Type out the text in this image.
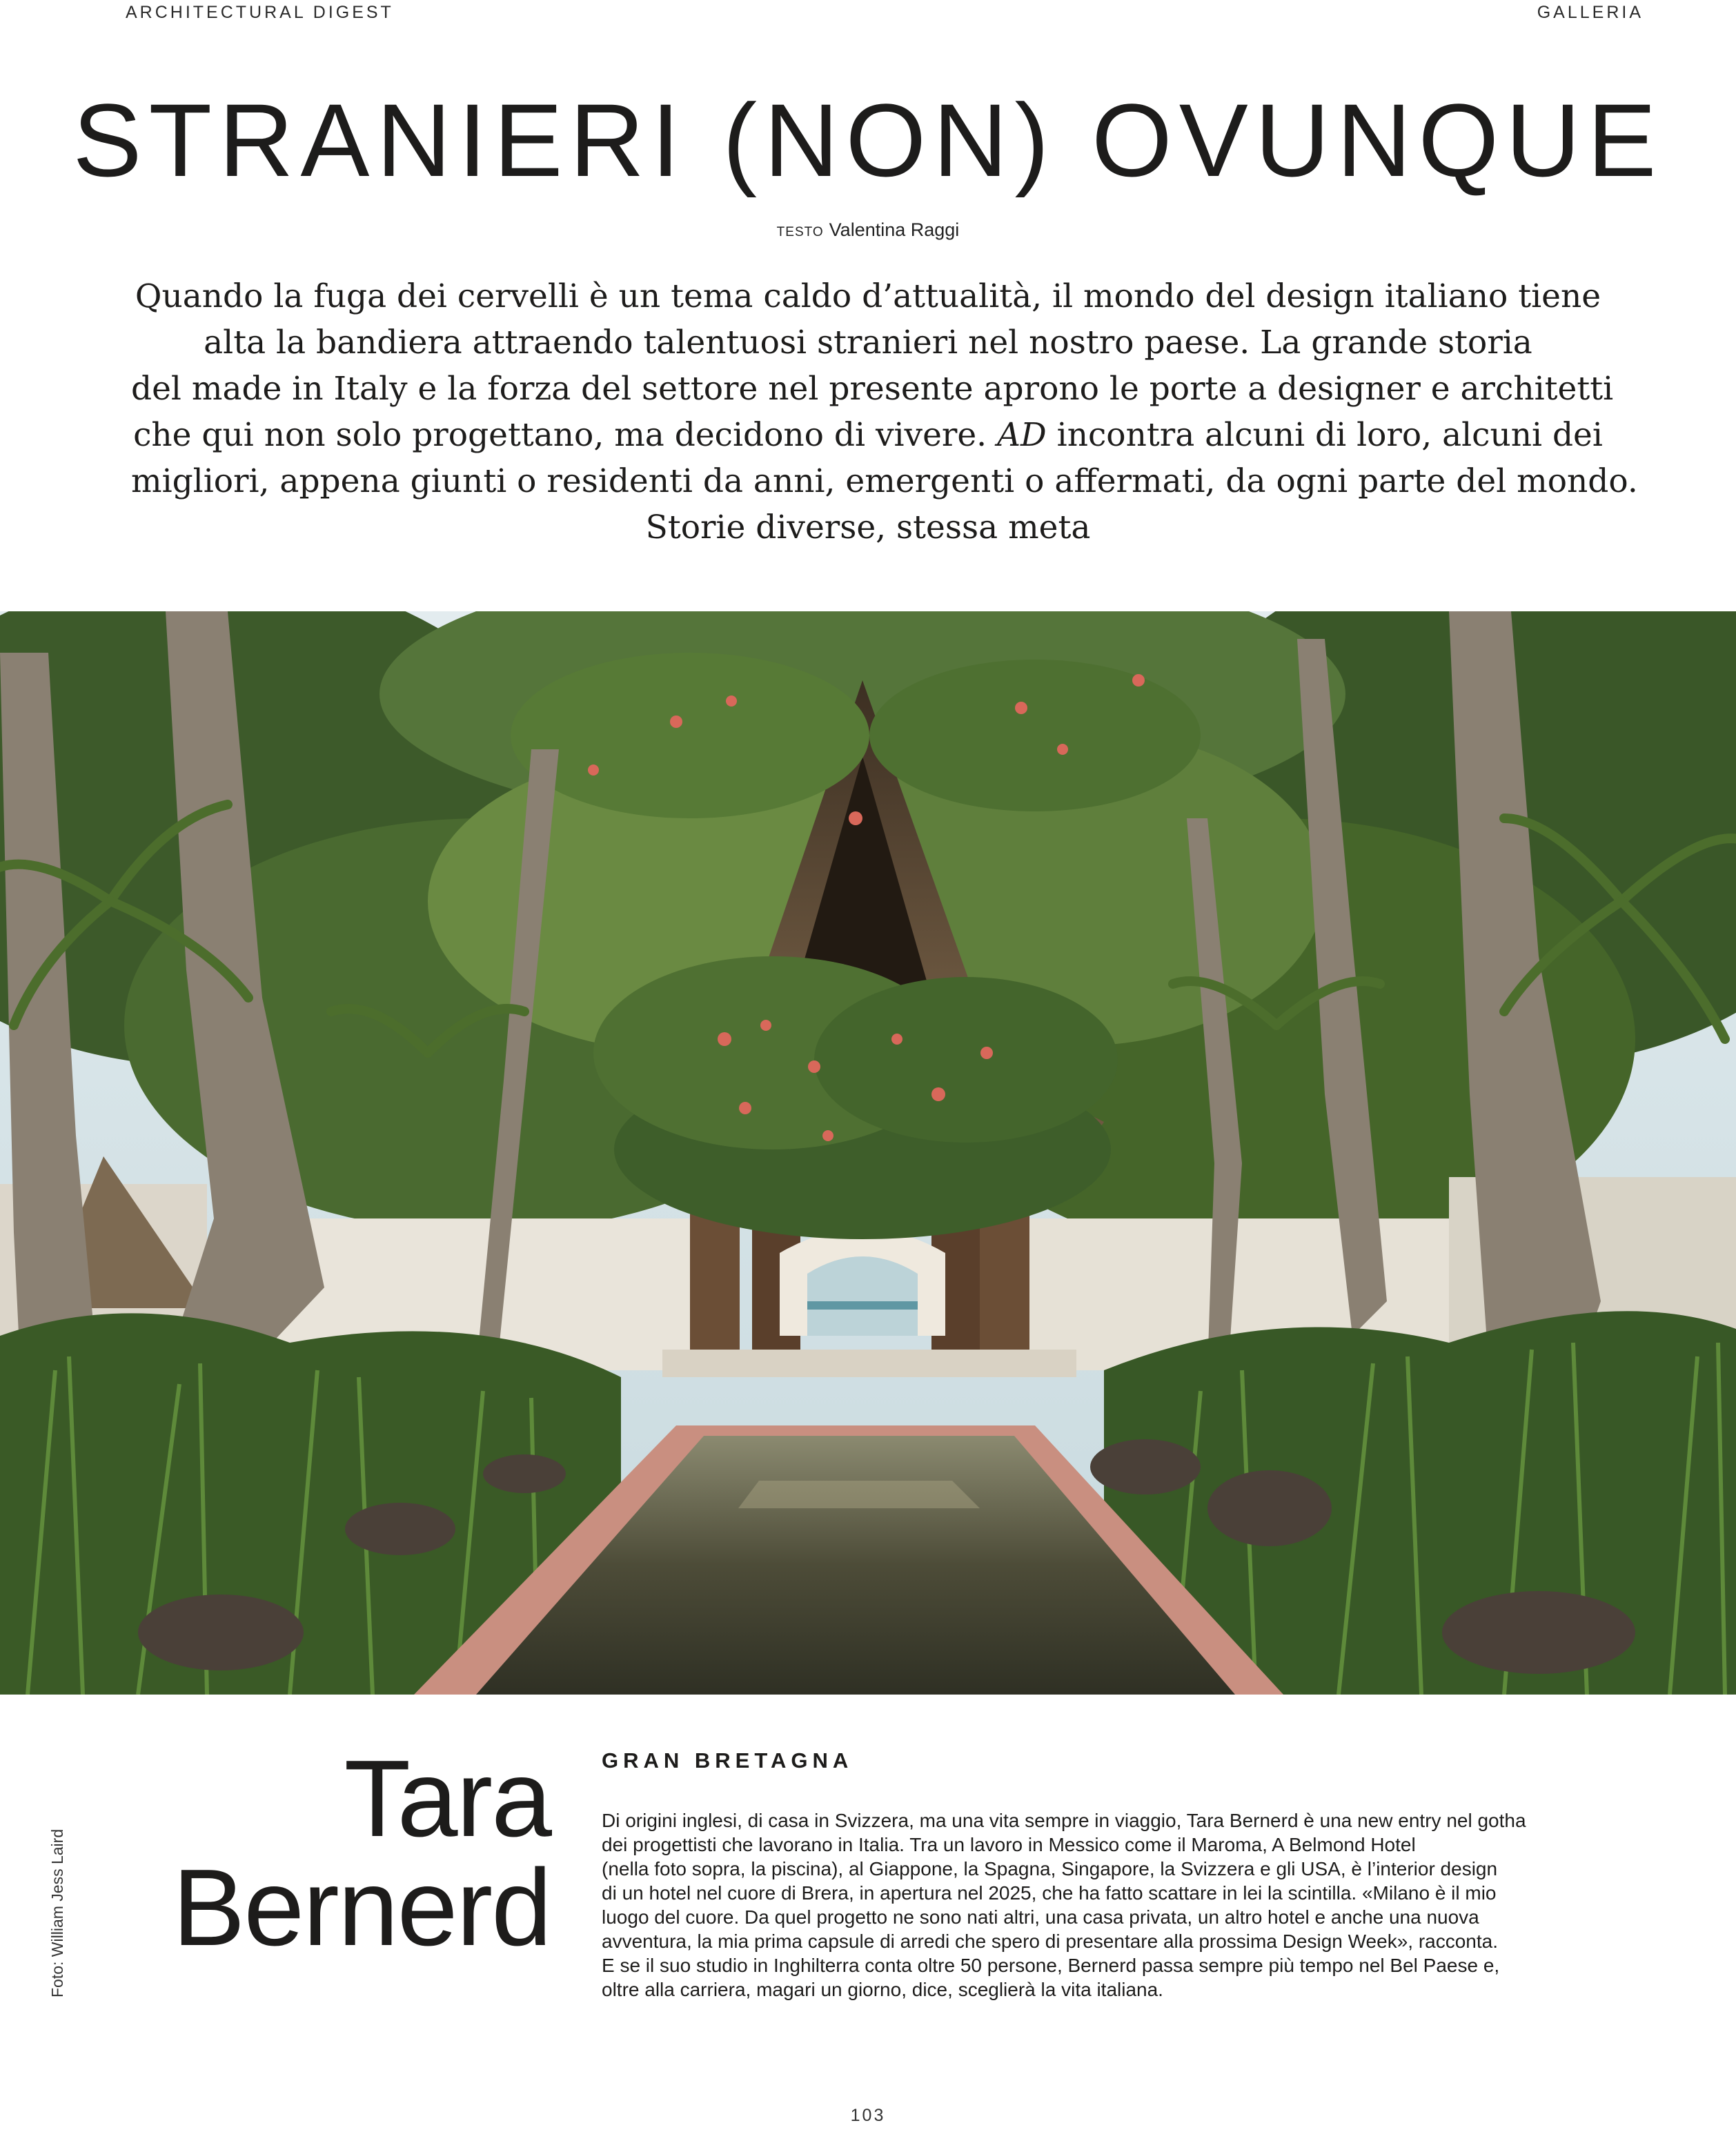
ARCHITECTURAL DIGEST	GALLERIA
STRANIERI (NON) OVUNQUE
TESTO Valentina Raggi

Quando la fuga dei cervelli è un tema caldo d’attualità, il mondo del design italiano tiene
alta la bandiera attraendo talentuosi stranieri nel nostro paese. La grande storia
del made in Italy e la forza del settore nel presente aprono le porte a designer e architetti
che qui non solo progettano, ma decidono di vivere. AD incontra alcuni di loro, alcuni dei
migliori, appena giunti o residenti da anni, emergenti o affermati, da ogni parte del mondo.
Storie diverse, stessa meta

Foto: William Jess Laird
Tara
Bernerd
GRAN BRETAGNA

Di origini inglesi, di casa in Svizzera, ma una vita sempre in viaggio, Tara Bernerd è una new entry nel gotha
dei progettisti che lavorano in Italia. Tra un lavoro in Messico come il Maroma, A Belmond Hotel
(nella foto sopra, la piscina), al Giappone, la Spagna, Singapore, la Svizzera e gli USA, è l’interior design
di un hotel nel cuore di Brera, in apertura nel 2025, che ha fatto scattare in lei la scintilla. «Milano è il mio
luogo del cuore. Da quel progetto ne sono nati altri, una casa privata, un altro hotel e anche una nuova
avventura, la mia prima capsule di arredi che spero di presentare alla prossima Design Week», racconta.
E se il suo studio in Inghilterra conta oltre 50 persone, Bernerd passa sempre più tempo nel Bel Paese e,
oltre alla carriera, magari un giorno, dice, sceglierà la vita italiana.

103
